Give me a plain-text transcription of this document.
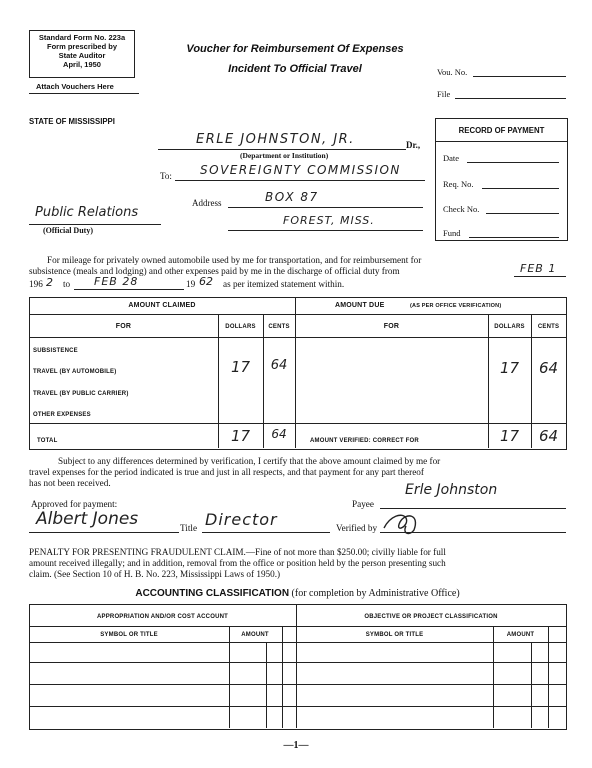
Standard Form No. 223a
Form prescribed by
State Auditor
April, 1950
Attach Vouchers Here
Voucher for Reimbursement Of Expenses
Incident To Official Travel	Vou. No.
File
STATE OF MISSISSIPPI
RECORD OF PAYMENT
Date
Req. No.
Check No.
Fund
ERLE JOHNSTON, JR.	Dr.,
(Department or Institution)
To: SOVEREIGNTY COMMISSION
Address	BOX 87
FOREST, MISS.
Public Relations
(Official Duty)
For mileage for privately owned automobile used by me for transportation, and for reimbursement for
subsistence (meals and lodging) and other expenses paid by me in the discharge of official duty from	FEB 1
196 2 to FEB 28	19 62 as per itemized statement within.
AMOUNT CLAIMED	AMOUNT DUE	(AS PER OFFICE VERIFICATION)
FOR	DOLLARS	CENTS	FOR	DOLLARS	CENTS
SUBSISTENCE
TRAVEL (BY AUTOMOBILE)	17	64	17	64
TRAVEL (BY PUBLIC CARRIER)
OTHER EXPENSES
TOTAL	17	64	AMOUNT VERIFIED: CORRECT FOR	17	64
Subject to any differences determined by verification, I certify that the above amount claimed by me for
travel expenses for the period indicated is true and just in all respects, and that payment for any part thereof
has not been received.
Approved for payment:	Payee
Erle Johnston
Albert Jones	Title Director	Verified by
PENALTY FOR PRESENTING FRAUDULENT CLAIM.—Fine of not more than $250.00; civilly liable for full
amount received illegally; and in addition, removal from the office or position held by the person presenting such
claim. (See Section 10 of H. B. No. 223, Mississippi Laws of 1950.)
ACCOUNTING CLASSIFICATION (for completion by Administrative Office)
APPROPRIATION AND/OR COST ACCOUNT	OBJECTIVE OR PROJECT CLASSIFICATION
SYMBOL OR TITLE	AMOUNT	SYMBOL OR TITLE	AMOUNT
—1—
